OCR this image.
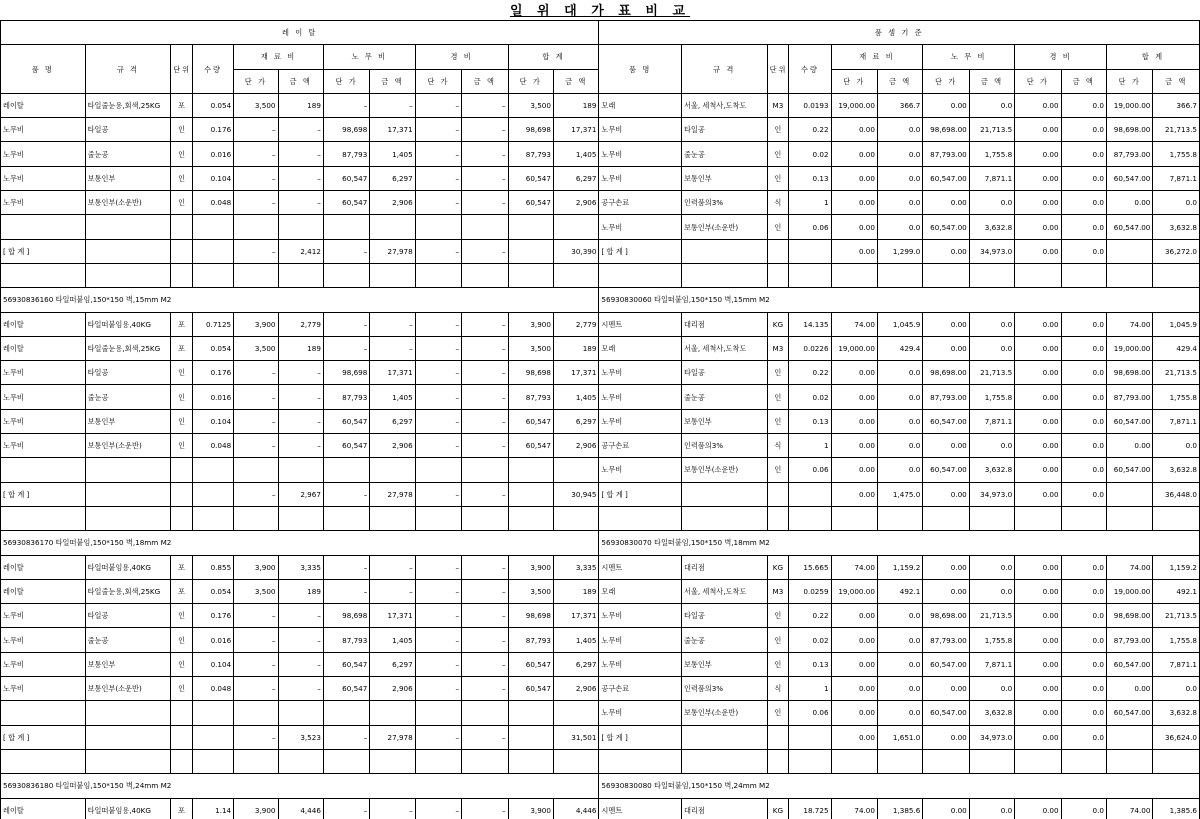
일 위 대 가 표 비 교
레 이 탈												품 셈 기 준											
품 명	규 격	단위	수량	재 료 비		노 무 비		경 비		합 계		품 명	규 격	단위	수량	재 료 비		노 무 비		경 비		합 계	
				단 가	금 액	단 가	금 액	단 가	금 액	단 가	금 액					단 가	금 액	단 가	금 액	단 가	금 액	단 가	금 액
레이탈	타일줄눈용,회색,25KG	포	0.054	3,500	189	–	–	–	–	3,500	189	모래	서울, 세척사,도착도	M3	0.0193	19,000.00	366.7	0.00	0.0	0.00	0.0	19,000.00	366.7
노무비	타일공	인	0.176	–	–	98,698	17,371	–	–	98,698	17,371	노무비	타일공	인	0.22	0.00	0.0	98,698.00	21,713.5	0.00	0.0	98,698.00	21,713.5
노무비	줄눈공	인	0.016	–	–	87,793	1,405	–	–	87,793	1,405	노무비	줄눈공	인	0.02	0.00	0.0	87,793.00	1,755.8	0.00	0.0	87,793.00	1,755.8
노무비	보통인부	인	0.104	–	–	60,547	6,297	–	–	60,547	6,297	노무비	보통인부	인	0.13	0.00	0.0	60,547.00	7,871.1	0.00	0.0	60,547.00	7,871.1
노무비	보통인부(소운반)	인	0.048	–	–	60,547	2,906	–	–	60,547	2,906	공구손료	인력품의3%	식	1	0.00	0.0	0.00	0.0	0.00	0.0	0.00	0.0
												노무비	보통인부(소운반)	인	0.06	0.00	0.0	60,547.00	3,632.8	0.00	0.0	60,547.00	3,632.8
[ 합 계 ]				–	2,412	–	27,978	–	–		30,390	[ 합 계 ]				0.00	1,299.0	0.00	34,973.0	0.00	0.0		36,272.0

56930836160 타일떠붙임,150*150 벽,15mm M2												56930830060 타일떠붙임,150*150 벽,15mm M2											
레이탈	타일떠붙임용,40KG	포	0.7125	3,900	2,779	–	–	–	–	3,900	2,779	시멘트	대리점	KG	14.135	74.00	1,045.9	0.00	0.0	0.00	0.0	74.00	1,045.9
레이탈	타일줄눈용,회색,25KG	포	0.054	3,500	189	–	–	–	–	3,500	189	모래	서울, 세척사,도착도	M3	0.0226	19,000.00	429.4	0.00	0.0	0.00	0.0	19,000.00	429.4
노무비	타일공	인	0.176	–	–	98,698	17,371	–	–	98,698	17,371	노무비	타일공	인	0.22	0.00	0.0	98,698.00	21,713.5	0.00	0.0	98,698.00	21,713.5
노무비	줄눈공	인	0.016	–	–	87,793	1,405	–	–	87,793	1,405	노무비	줄눈공	인	0.02	0.00	0.0	87,793.00	1,755.8	0.00	0.0	87,793.00	1,755.8
노무비	보통인부	인	0.104	–	–	60,547	6,297	–	–	60,547	6,297	노무비	보통인부	인	0.13	0.00	0.0	60,547.00	7,871.1	0.00	0.0	60,547.00	7,871.1
노무비	보통인부(소운반)	인	0.048	–	–	60,547	2,906	–	–	60,547	2,906	공구손료	인력품의3%	식	1	0.00	0.0	0.00	0.0	0.00	0.0	0.00	0.0
												노무비	보통인부(소운반)	인	0.06	0.00	0.0	60,547.00	3,632.8	0.00	0.0	60,547.00	3,632.8
[ 합 계 ]				–	2,967	–	27,978	–	–		30,945	[ 합 계 ]				0.00	1,475.0	0.00	34,973.0	0.00	0.0		36,448.0

56930836170 타일떠붙임,150*150 벽,18mm M2												56930830070 타일떠붙임,150*150 벽,18mm M2											
레이탈	타일떠붙임용,40KG	포	0.855	3,900	3,335	–	–	–	–	3,900	3,335	시멘트	대리점	KG	15.665	74.00	1,159.2	0.00	0.0	0.00	0.0	74.00	1,159.2
레이탈	타일줄눈용,회색,25KG	포	0.054	3,500	189	–	–	–	–	3,500	189	모래	서울, 세척사,도착도	M3	0.0259	19,000.00	492.1	0.00	0.0	0.00	0.0	19,000.00	492.1
노무비	타일공	인	0.176	–	–	98,698	17,371	–	–	98,698	17,371	노무비	타일공	인	0.22	0.00	0.0	98,698.00	21,713.5	0.00	0.0	98,698.00	21,713.5
노무비	줄눈공	인	0.016	–	–	87,793	1,405	–	–	87,793	1,405	노무비	줄눈공	인	0.02	0.00	0.0	87,793.00	1,755.8	0.00	0.0	87,793.00	1,755.8
노무비	보통인부	인	0.104	–	–	60,547	6,297	–	–	60,547	6,297	노무비	보통인부	인	0.13	0.00	0.0	60,547.00	7,871.1	0.00	0.0	60,547.00	7,871.1
노무비	보통인부(소운반)	인	0.048	–	–	60,547	2,906	–	–	60,547	2,906	공구손료	인력품의3%	식	1	0.00	0.0	0.00	0.0	0.00	0.0	0.00	0.0
												노무비	보통인부(소운반)	인	0.06	0.00	0.0	60,547.00	3,632.8	0.00	0.0	60,547.00	3,632.8
[ 합 계 ]				–	3,523	–	27,978	–	–		31,501	[ 합 계 ]				0.00	1,651.0	0.00	34,973.0	0.00	0.0		36,624.0

56930836180 타일떠붙임,150*150 벽,24mm M2												56930830080 타일떠붙임,150*150 벽,24mm M2											
레이탈	타일떠붙임용,40KG	포	1.14	3,900	4,446	–	–	–	–	3,900	4,446	시멘트	대리점	KG	18.725	74.00	1,385.6	0.00	0.0	0.00	0.0	74.00	1,385.6
